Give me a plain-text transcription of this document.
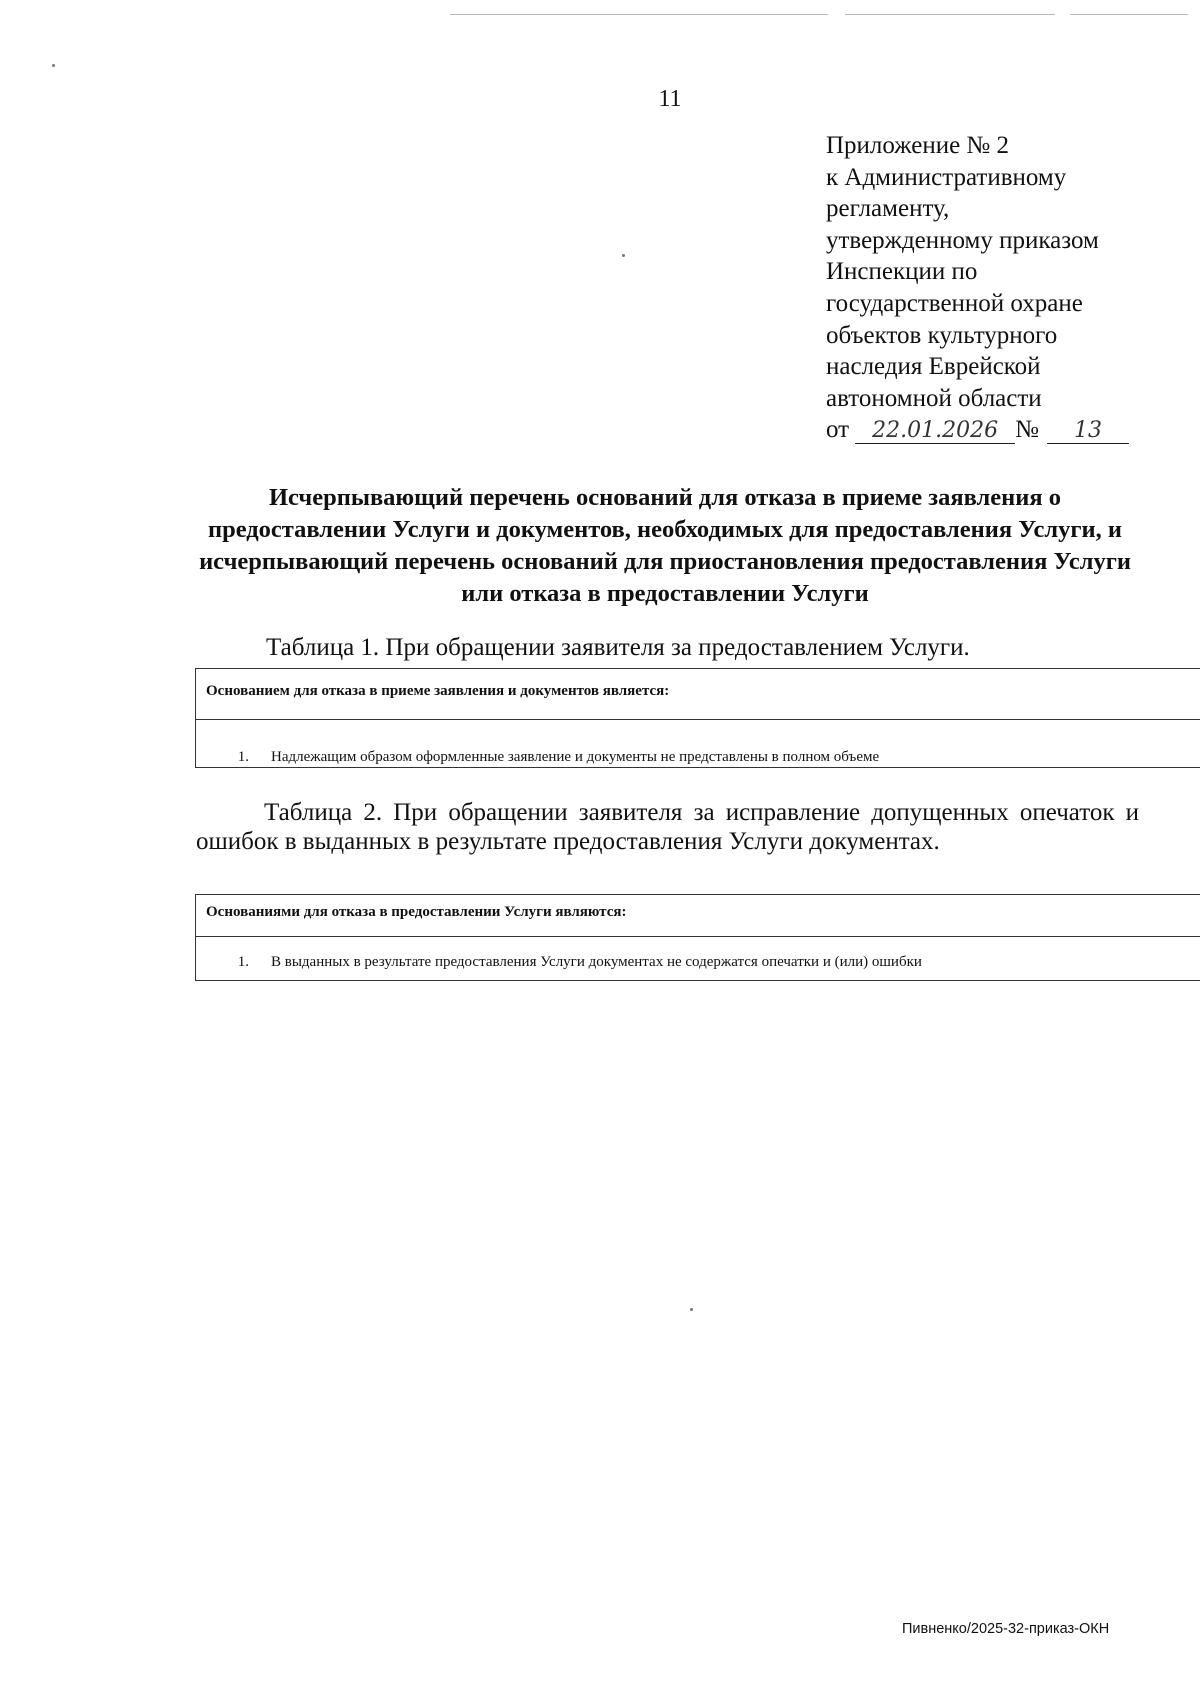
11
Приложение № 2
к Административному
регламенту,
утвержденному приказом
Инспекции по
государственной охране
объектов культурного
наследия Еврейской
автономной области
от 22.01.2026 № 13
Исчерпывающий перечень оснований для отказа в приеме заявления о предоставлении Услуги и документов, необходимых для предоставления Услуги, и исчерпывающий перечень оснований для приостановления предоставления Услуги или отказа в предоставлении Услуги
Таблица 1. При обращении заявителя за предоставлением Услуги.
Основанием для отказа в приеме заявления и документов является:
1. Надлежащим образом оформленные заявление и документы не представлены в полном объеме
Таблица 2. При обращении заявителя за исправление допущенных опечаток и ошибок в выданных в результате предоставления Услуги документах.
Основаниями для отказа в предоставлении Услуги являются:
1. В выданных в результате предоставления Услуги документах не содержатся опечатки и (или) ошибки
Пивненко/2025-32-приказ-ОКН
